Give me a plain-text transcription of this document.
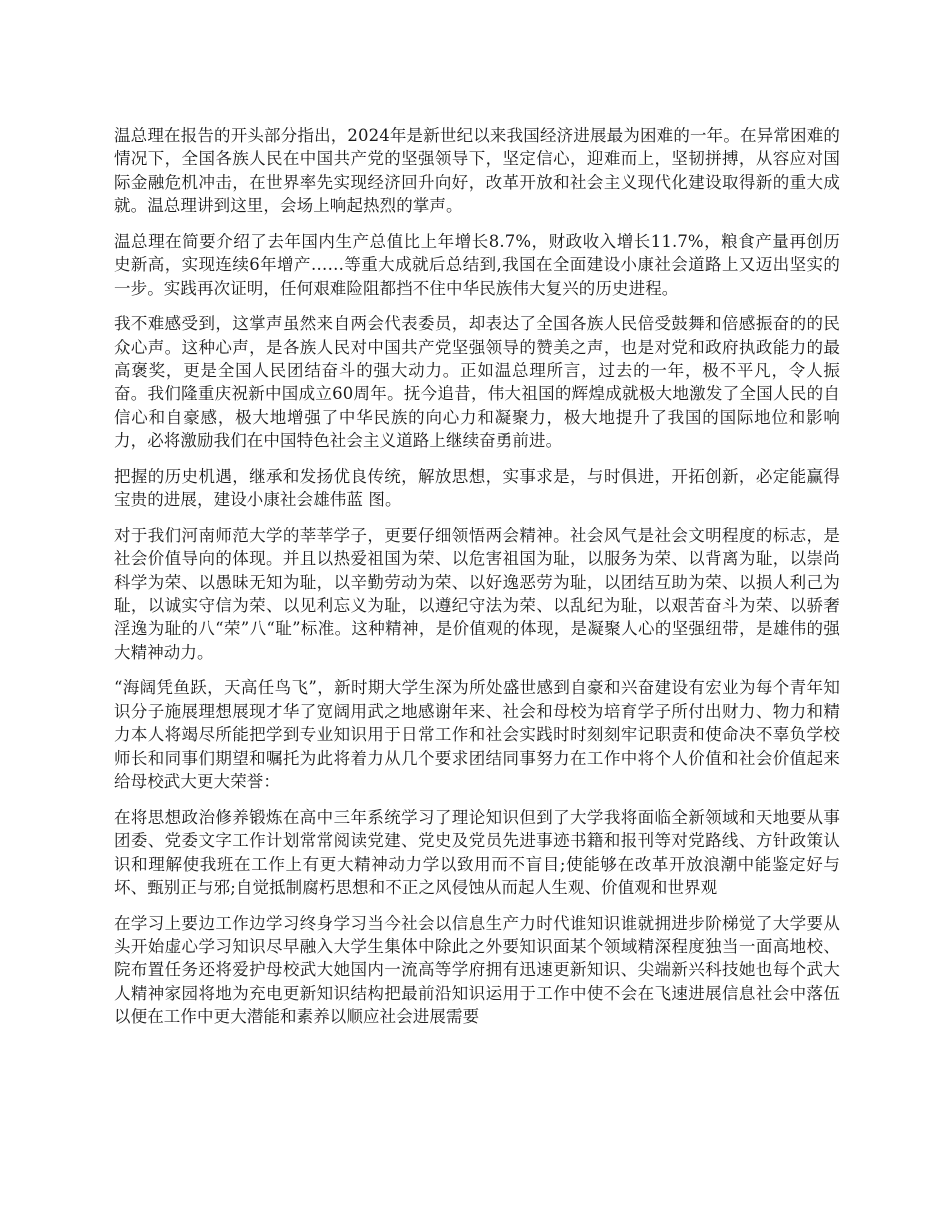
温总理在报告的开头部分指出，2024年是新世纪以来我国经济进展最为困难的一年。在异常困难的情况下，全国各族人民在中国共产党的坚强领导下，坚定信心，迎难而上，坚韧拼搏，从容应对国际金融危机冲击，在世界率先实现经济回升向好，改革开放和社会主义现代化建设取得新的重大成就。温总理讲到这里，会场上响起热烈的掌声。

温总理在简要介绍了去年国内生产总值比上年增长8.7%，财政收入增长11.7%，粮食产量再创历史新高，实现连续6年增产……等重大成就后总结到,我国在全面建设小康社会道路上又迈出坚实的一步。实践再次证明，任何艰难险阻都挡不住中华民族伟大复兴的历史进程。

我不难感受到，这掌声虽然来自两会代表委员，却表达了全国各族人民倍受鼓舞和倍感振奋的的民众心声。这种心声，是各族人民对中国共产党坚强领导的赞美之声，也是对党和政府执政能力的最高褒奖，更是全国人民团结奋斗的强大动力。正如温总理所言，过去的一年，极不平凡，令人振奋。我们隆重庆祝新中国成立60周年。抚今追昔，伟大祖国的辉煌成就极大地激发了全国人民的自信心和自豪感，极大地增强了中华民族的向心力和凝聚力，极大地提升了我国的国际地位和影响力，必将激励我们在中国特色社会主义道路上继续奋勇前进。

把握的历史机遇，继承和发扬优良传统，解放思想，实事求是，与时俱进，开拓创新，必定能赢得宝贵的进展，建设小康社会雄伟蓝 图。

对于我们河南师范大学的莘莘学子，更要仔细领悟两会精神。社会风气是社会文明程度的标志，是社会价值导向的体现。并且以热爱祖国为荣、以危害祖国为耻，以服务为荣、以背离为耻，以崇尚科学为荣、以愚昧无知为耻，以辛勤劳动为荣、以好逸恶劳为耻，以团结互助为荣、以损人利己为耻，以诚实守信为荣、以见利忘义为耻，以遵纪守法为荣、以乱纪为耻，以艰苦奋斗为荣、以骄奢淫逸为耻的八“荣”八“耻”标准。这种精神，是价值观的体现，是凝聚人心的坚强纽带，是雄伟的强大精神动力。

“海阔凭鱼跃，天高任鸟飞”，新时期大学生深为所处盛世感到自豪和兴奋建设有宏业为每个青年知识分子施展理想展现才华了宽阔用武之地感谢年来、社会和母校为培育学子所付出财力、物力和精力本人将竭尽所能把学到专业知识用于日常工作和社会实践时时刻刻牢记职责和使命决不辜负学校师长和同事们期望和嘱托为此将着力从几个要求团结同事努力在工作中将个人价值和社会价值起来给母校武大更大荣誉：

在将思想政治修养锻炼在高中三年系统学习了理论知识但到了大学我将面临全新领域和天地要从事团委、党委文字工作计划常常阅读党建、党史及党员先进事迹书籍和报刊等对党路线、方针政策认识和理解使我班在工作上有更大精神动力学以致用而不盲目;使能够在改革开放浪潮中能鉴定好与坏、甄别正与邪;自觉抵制腐朽思想和不正之风侵蚀从而起人生观、价值观和世界观

在学习上要边工作边学习终身学习当今社会以信息生产力时代谁知识谁就拥进步阶梯觉了大学要从头开始虚心学习知识尽早融入大学生集体中除此之外要知识面某个领域精深程度独当一面高地校、院布置任务还将爱护母校武大她国内一流高等学府拥有迅速更新知识、尖端新兴科技她也每个武大人精神家园将地为充电更新知识结构把最前沿知识运用于工作中使不会在飞速进展信息社会中落伍以便在工作中更大潜能和素养以顺应社会进展需要
